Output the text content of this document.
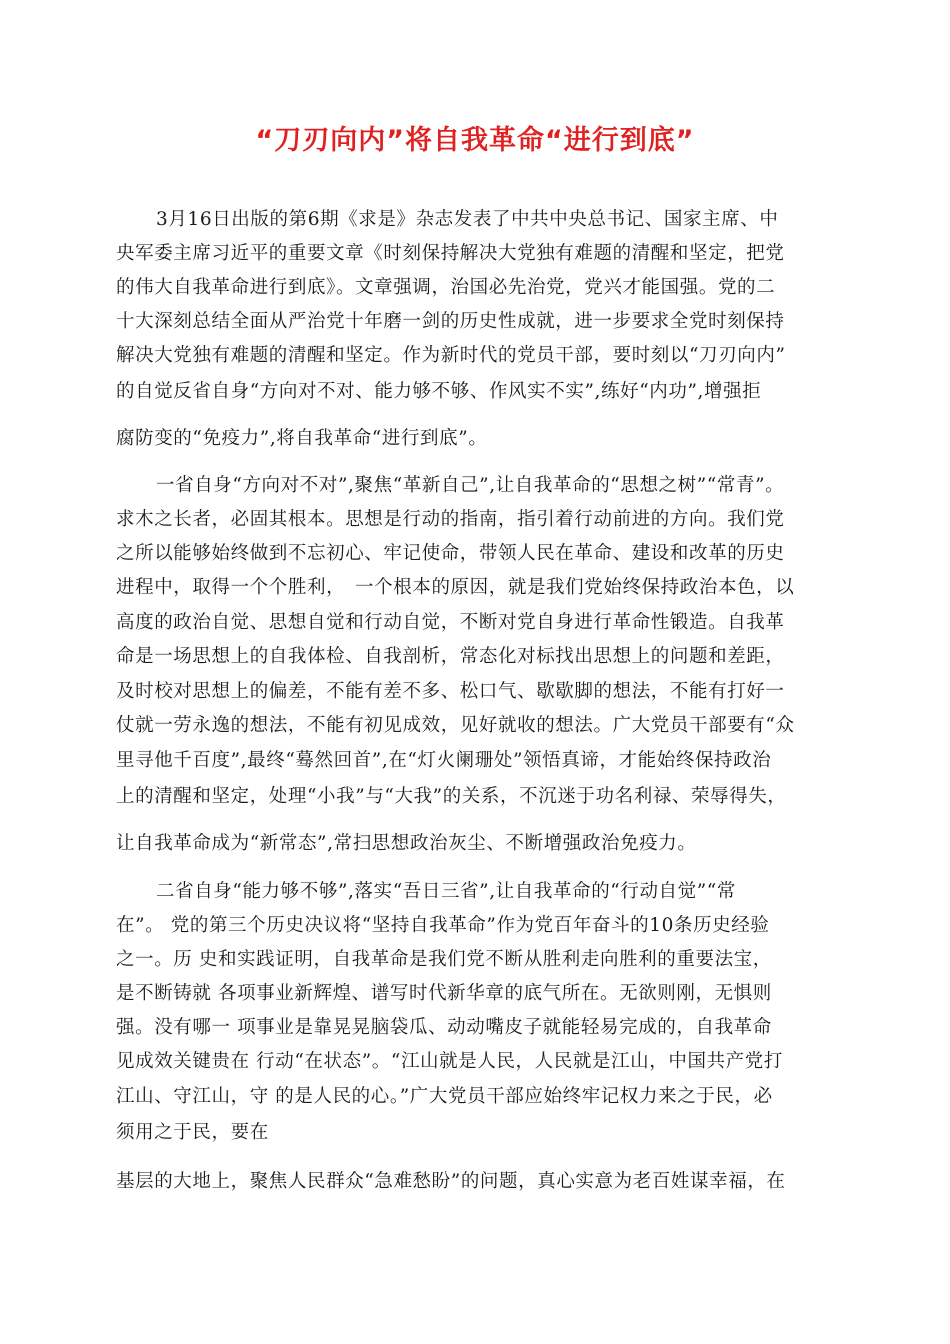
“刀刃向内”将自我革命“进行到底”
3月16日出版的第6期《求是》杂志发表了中共中央总书记、国家主席、中
央军委主席习近平的重要文章《时刻保持解决大党独有难题的清醒和坚定，把党
的伟大自我革命进行到底》。文章强调，治国必先治党，党兴才能国强。党的二
十大深刻总结全面从严治党十年磨一剑的历史性成就，进一步要求全党时刻保持
解决大党独有难题的清醒和坚定。作为新时代的党员干部，要时刻以“刀刃向内”
的自觉反省自身“方向对不对、能力够不够、作风实不实”,练好“内功”,增强拒
腐防变的“免疫力”,将自我革命“进行到底”。
一省自身“方向对不对”,聚焦“革新自己”,让自我革命的“思想之树”“常青”。
求木之长者，必固其根本。思想是行动的指南，指引着行动前进的方向。我们党
之所以能够始终做到不忘初心、牢记使命，带领人民在革命、建设和改革的历史
进程中，取得一个个胜利，　一个根本的原因，就是我们党始终保持政治本色，以
高度的政治自觉、思想自觉和行动自觉，不断对党自身进行革命性锻造。自我革
命是一场思想上的自我体检、自我剖析，常态化对标找出思想上的问题和差距，
及时校对思想上的偏差，不能有差不多、松口气、歇歇脚的想法，不能有打好一
仗就一劳永逸的想法，不能有初见成效，见好就收的想法。广大党员干部要有“众
里寻他千百度”,最终“蓦然回首”,在“灯火阑珊处”领悟真谛，才能始终保持政治
上的清醒和坚定，处理“小我”与“大我”的关系，不沉迷于功名利禄、荣辱得失，
让自我革命成为“新常态”,常扫思想政治灰尘、不断增强政治免疫力。
二省自身“能力够不够”,落实“吾日三省”,让自我革命的“行动自觉”“常
在”。 党的第三个历史决议将“坚持自我革命”作为党百年奋斗的10条历史经验
之一。历 史和实践证明，自我革命是我们党不断从胜利走向胜利的重要法宝，
是不断铸就 各项事业新辉煌、谱写时代新华章的底气所在。无欲则刚，无惧则
强。没有哪一 项事业是靠晃晃脑袋瓜、动动嘴皮子就能轻易完成的，自我革命
见成效关键贵在 行动“在状态”。“江山就是人民，人民就是江山，中国共产党打
江山、守江山，守 的是人民的心。”广大党员干部应始终牢记权力来之于民，必
须用之于民，要在
基层的大地上，聚焦人民群众“急难愁盼”的问题，真心实意为老百姓谋幸福，在
